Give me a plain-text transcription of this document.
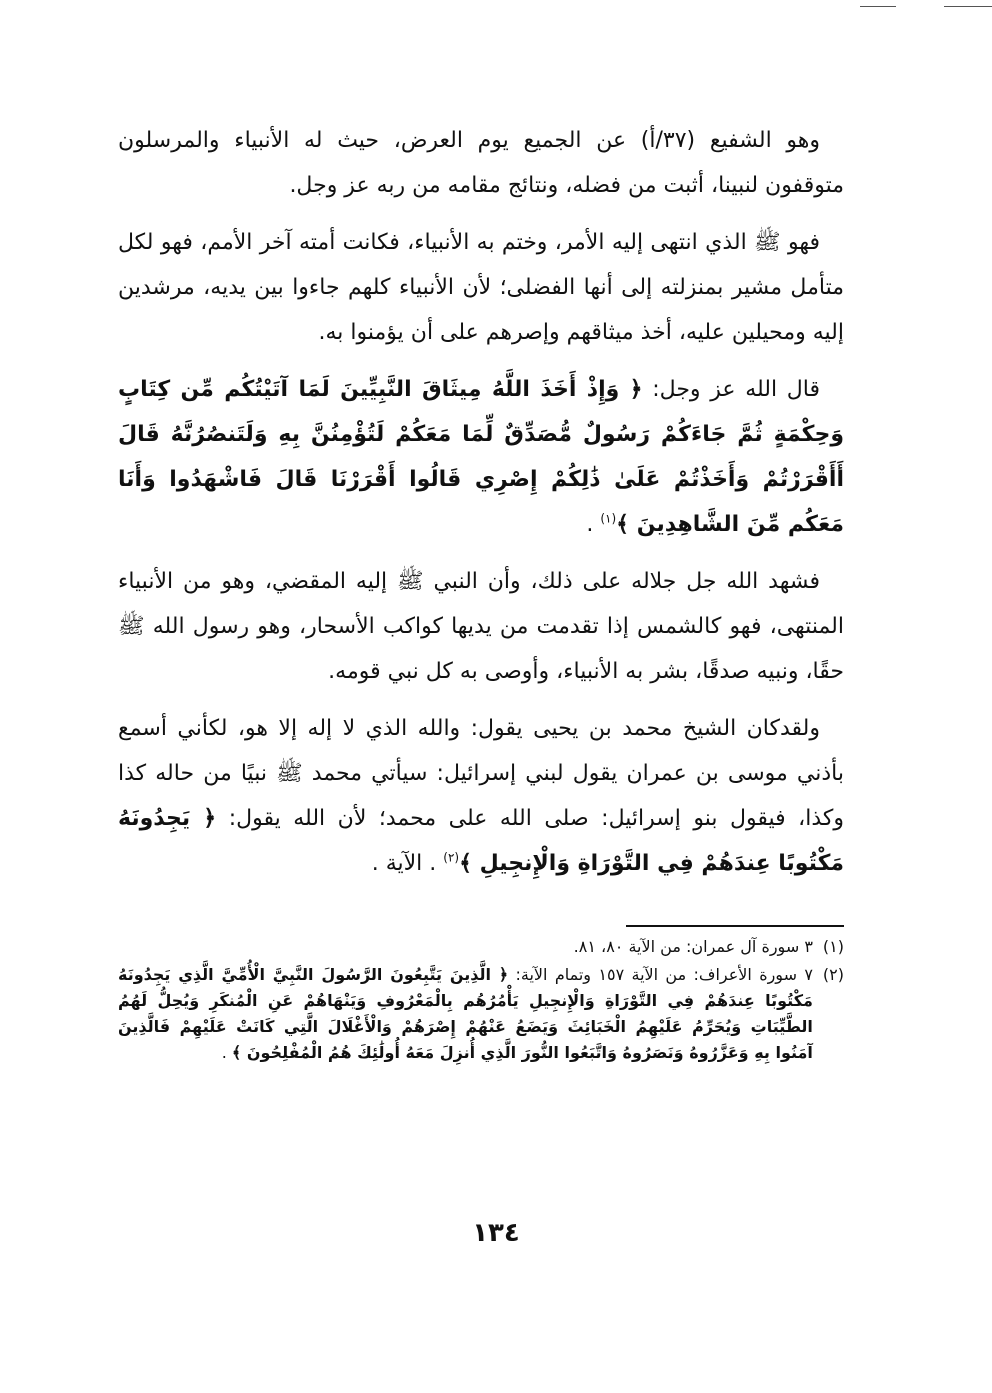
وهو الشفيع (٣٧/أ) عن الجميع يوم العرض، حيث له الأنبياء والمرسلون متوقفون لنبينا، أثبت من فضله، ونتائج مقامه من ربه عز وجل.

فهو ﷺ الذي انتهى إليه الأمر، وختم به الأنبياء، فكانت أمته آخر الأمم، فهو لكل متأمل مشير بمنزلته إلى أنها الفضلى؛ لأن الأنبياء كلهم جاءوا بين يديه، مرشدين إليه ومحيلين عليه، أخذ ميثاقهم وإصرهم على أن يؤمنوا به.

قال الله عز وجل: ﴿ وَإِذْ أَخَذَ اللَّهُ مِيثَاقَ النَّبِيِّينَ لَمَا آتَيْتُكُم مِّن كِتَابٍ وَحِكْمَةٍ ثُمَّ جَاءَكُمْ رَسُولٌ مُّصَدِّقٌ لِّمَا مَعَكُمْ لَتُؤْمِنُنَّ بِهِ وَلَتَنصُرُنَّهُ قَالَ أَأَقْرَرْتُمْ وَأَخَذْتُمْ عَلَىٰ ذَٰلِكُمْ إِصْرِي قَالُوا أَقْرَرْنَا قَالَ فَاشْهَدُوا وَأَنَا مَعَكُم مِّنَ الشَّاهِدِينَ ﴾$^{(١)}$ .

فشهد الله جل جلاله على ذلك، وأن النبي ﷺ إليه المقضي، وهو من الأنبياء المنتهى، فهو كالشمس إذا تقدمت من يديها كواكب الأسحار، وهو رسول الله ﷺ حقًا، ونبيه صدقًا، بشر به الأنبياء، وأوصى به كل نبي قومه.

ولقدكان الشيخ محمد بن يحيى يقول: والله الذي لا إله إلا هو، لكأني أسمع بأذني موسى بن عمران يقول لبني إسرائيل: سيأتي محمد ﷺ نبيًا من حاله كذا وكذا، فيقول بنو إسرائيل: صلى الله على محمد؛ لأن الله يقول: ﴿ يَجِدُونَهُ مَكْتُوبًا عِندَهُمْ فِي التَّوْرَاةِ وَالْإِنجِيلِ ﴾$^{(٢)}$ . الآية .

(١)
٣ سورة آل عمران: من الآية ٨٠، ٨١.
(٢)
٧ سورة الأعراف: من الآية ١٥٧ وتمام الآية: ﴿ الَّذِينَ يَتَّبِعُونَ الرَّسُولَ النَّبِيَّ الْأُمِّيَّ الَّذِي يَجِدُونَهُ مَكْتُوبًا عِندَهُمْ فِي التَّوْرَاةِ وَالْإِنجِيلِ يَأْمُرُهُم بِالْمَعْرُوفِ وَيَنْهَاهُمْ عَنِ الْمُنكَرِ وَيُحِلُّ لَهُمُ الطَّيِّبَاتِ وَيُحَرِّمُ عَلَيْهِمُ الْخَبَائِثَ وَيَضَعُ عَنْهُمْ إِصْرَهُمْ وَالْأَغْلَالَ الَّتِي كَانَتْ عَلَيْهِمْ فَالَّذِينَ آمَنُوا بِهِ وَعَزَّرُوهُ وَنَصَرُوهُ وَاتَّبَعُوا النُّورَ الَّذِي أُنزِلَ مَعَهُ أُولَٰئِكَ هُمُ الْمُفْلِحُونَ ﴾ .
١٣٤
